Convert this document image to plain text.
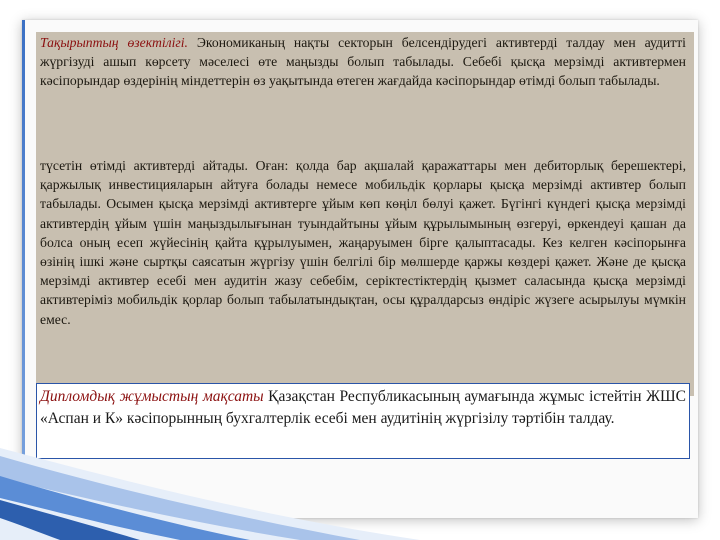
Тақырыптың өзектілігі. Экономиканың нақты секторын белсендірудегі активтерді талдау мен аудитті жүргізуді ашып көрсету мәселесі өте маңызды болып табылады. Себебі қысқа мерзімді активтермен кәсіпорындар өздерінің міндеттерін өз уақытында өтеген жағдайда кәсіпорындар өтімді болып табылады.

түсетін өтімді активтерді айтады. Оған: қолда бар ақшалай қаражаттары мен дебиторлық берешектері, қаржылық инвестицияларын айтуға болады немесе мобильдік қорлары қысқа мерзімді активтер болып табылады. Осымен қысқа мерзімді активтерге ұйым көп көңіл бөлуі қажет. Бүгінгі күндегі қысқа мерзімді активтердің ұйым үшін маңыздылығынан туындайтыны ұйым құрылымының өзгеруі, өркендеуі қашан да болса оның есеп жүйесінің қайта құрылуымен, жаңаруымен бірге қалыптасады. Кез келген кәсіпорынға өзінің ішкі және сыртқы саясатын жүргізу үшін белгілі бір мөлшерде қаржы көздері қажет. Және де қысқа мерзімді активтер есебі мен аудитін жазу себебім, серіктестіктердің қызмет саласында қысқа мерзімді активтеріміз мобильдік қорлар болып табылатындықтан, осы құралдарсыз өндіріс жүзеге асырылуы мүмкін емес.

Дипломдық жұмыстың мақсаты Қазақстан Республикасының аумағында жұмыс істейтін ЖШС «Аспан и К» кәсіпорынның бухгалтерлік есебі мен аудитінің жүргізілу тәртібін талдау.
